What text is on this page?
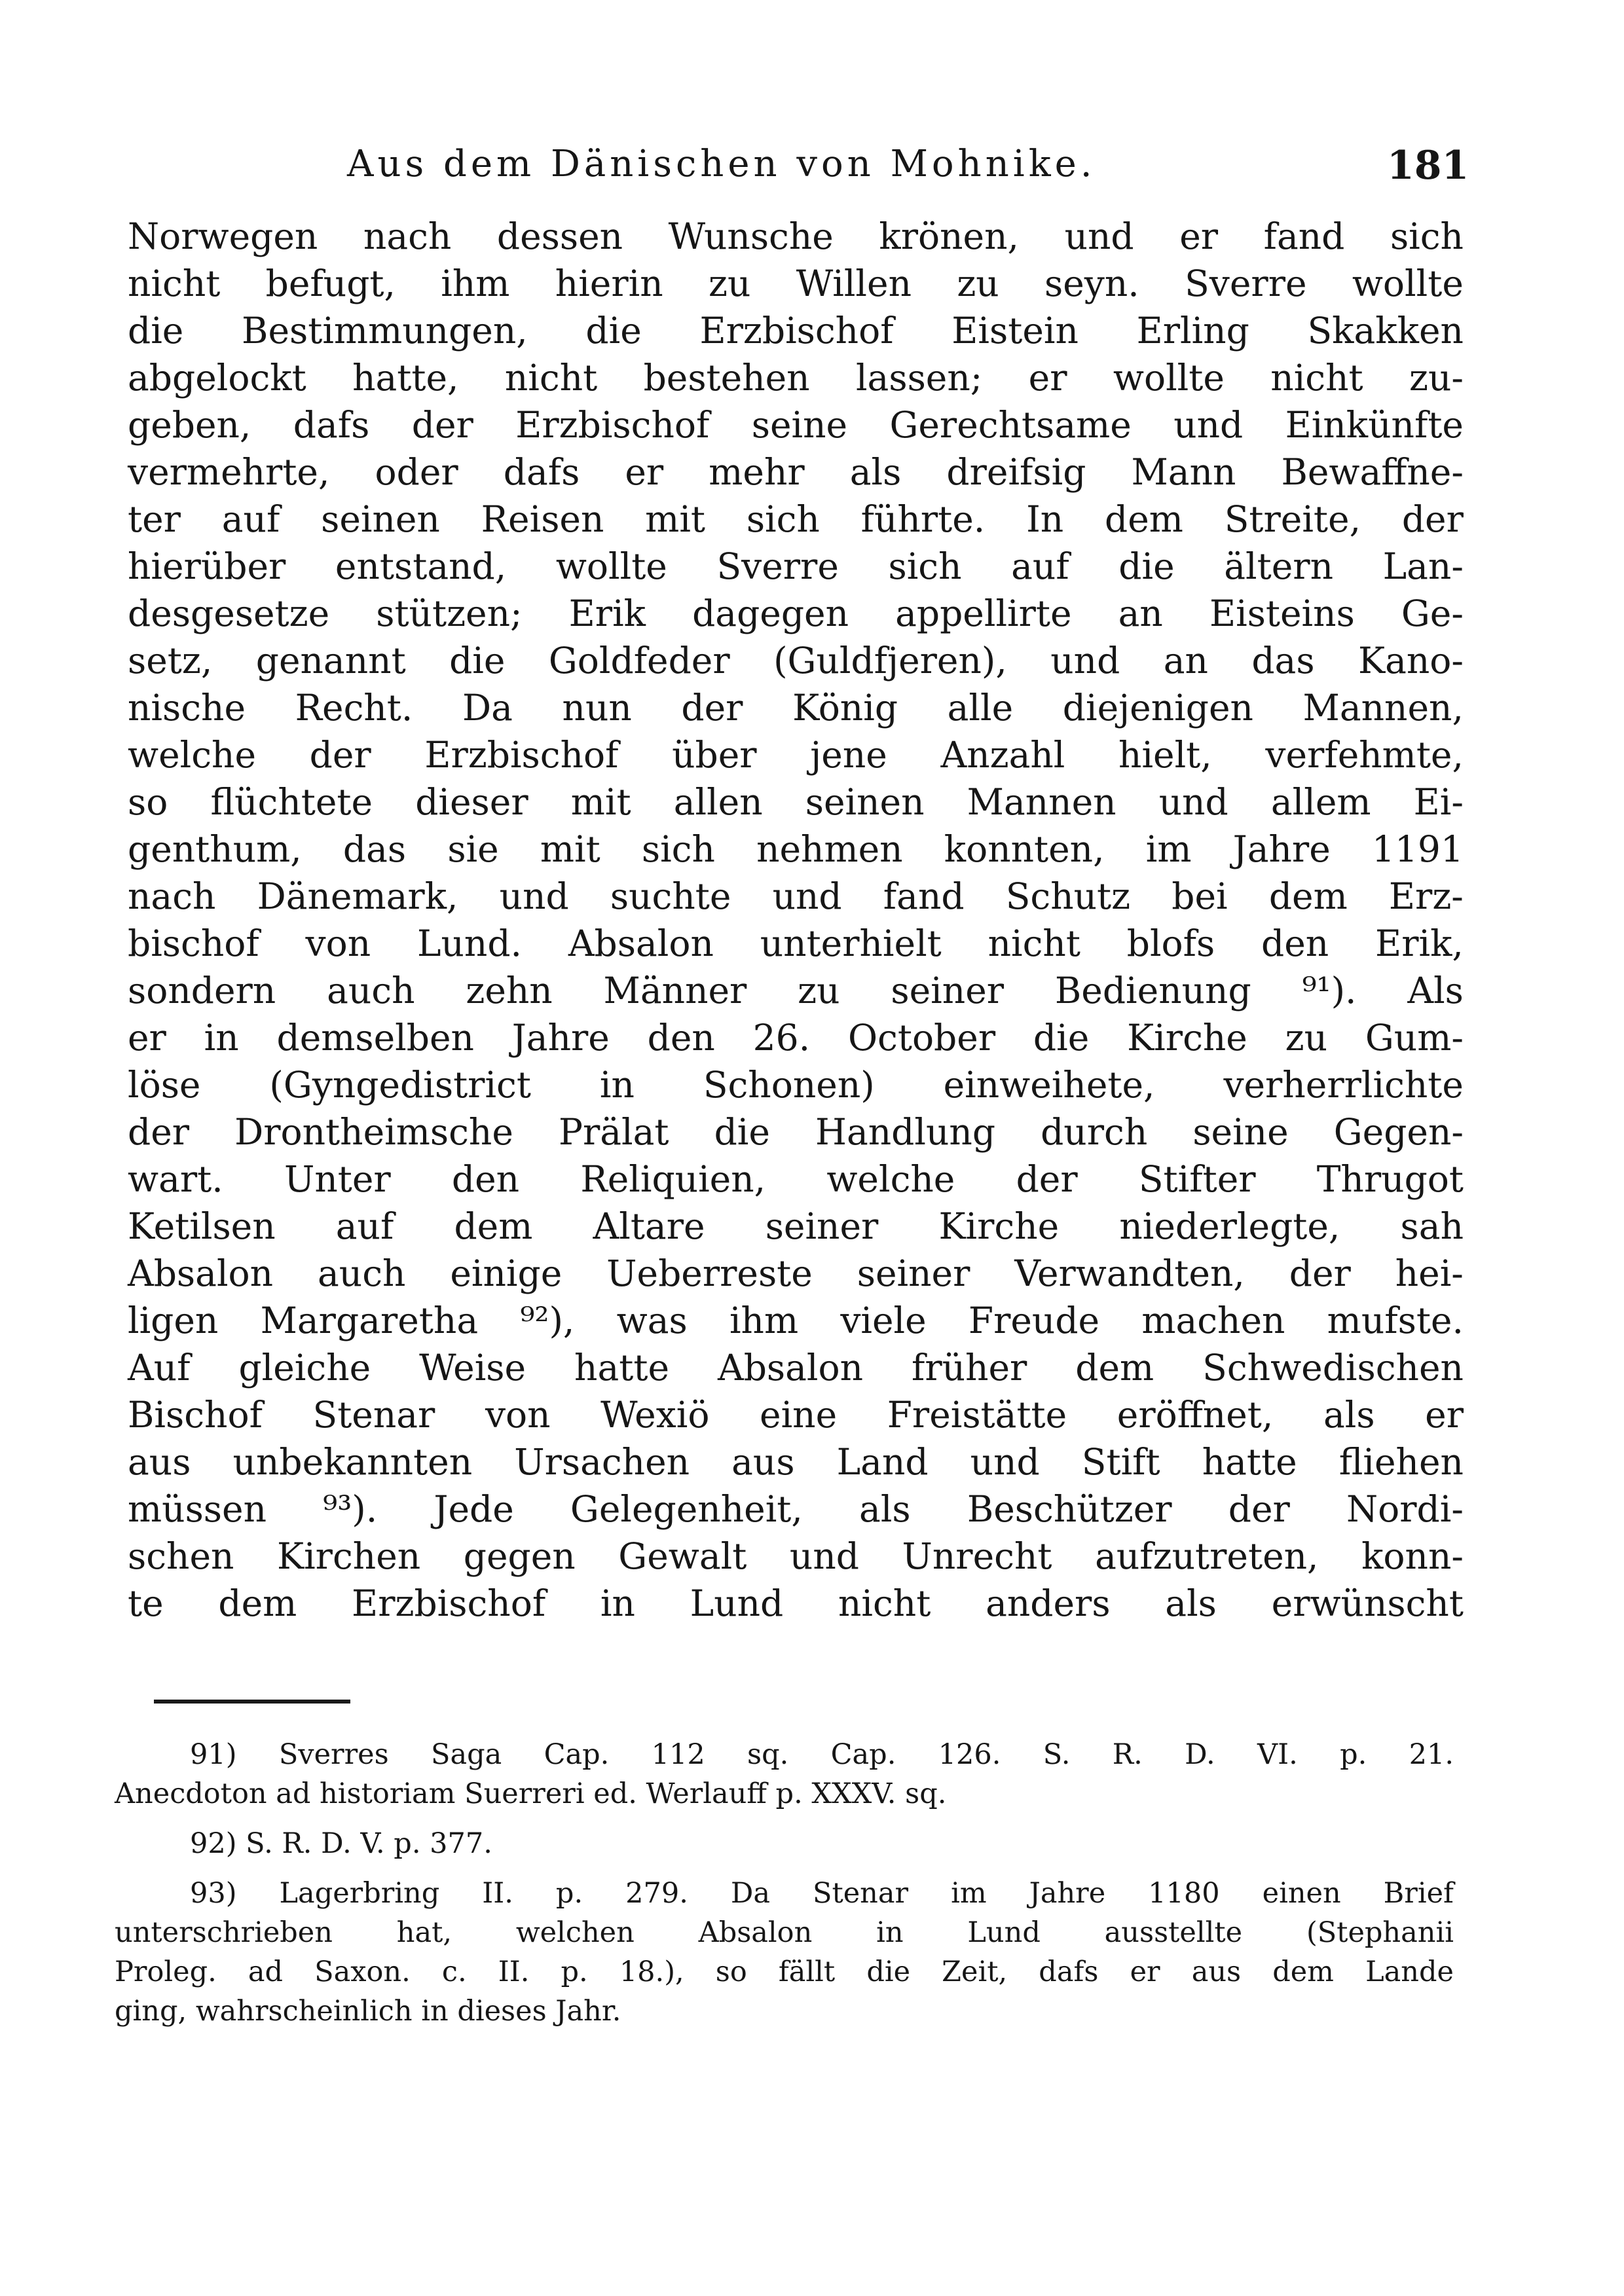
Aus dem Dänischen von Mohnike.	181
Norwegen nach dessen Wunsche krönen, und er fand sich
nicht befugt, ihm hierin zu Willen zu seyn. Sverre wollte
die Bestimmungen, die Erzbischof Eistein Erling Skakken
abgelockt hatte, nicht bestehen lassen; er wollte nicht zu-
geben, dafs der Erzbischof seine Gerechtsame und Einkünfte
vermehrte, oder dafs er mehr als dreifsig Mann Bewaffne-
ter auf seinen Reisen mit sich führte. In dem Streite, der
hierüber entstand, wollte Sverre sich auf die ältern Lan-
desgesetze stützen; Erik dagegen appellirte an Eisteins Ge-
setz, genannt die Goldfeder (Guldfjeren), und an das Kano-
nische Recht. Da nun der König alle diejenigen Mannen,
welche der Erzbischof über jene Anzahl hielt, verfehmte,
so flüchtete dieser mit allen seinen Mannen und allem Ei-
genthum, das sie mit sich nehmen konnten, im Jahre 1191
nach Dänemark, und suchte und fand Schutz bei dem Erz-
bischof von Lund. Absalon unterhielt nicht blofs den Erik,
sondern auch zehn Männer zu seiner Bedienung ⁹¹). Als
er in demselben Jahre den 26. October die Kirche zu Gum-
löse (Gyngedistrict in Schonen) einweihete, verherrlichte
der Drontheimsche Prälat die Handlung durch seine Gegen-
wart. Unter den Reliquien, welche der Stifter Thrugot
Ketilsen auf dem Altare seiner Kirche niederlegte, sah
Absalon auch einige Ueberreste seiner Verwandten, der hei-
ligen Margaretha ⁹²), was ihm viele Freude machen mufste.
Auf gleiche Weise hatte Absalon früher dem Schwedischen
Bischof Stenar von Wexiö eine Freistätte eröffnet, als er
aus unbekannten Ursachen aus Land und Stift hatte fliehen
müssen ⁹³). Jede Gelegenheit, als Beschützer der Nordi-
schen Kirchen gegen Gewalt und Unrecht aufzutreten, konn-
te dem Erzbischof in Lund nicht anders als erwünscht
91) Sverres Saga Cap. 112 sq. Cap. 126. S. R. D. VI. p. 21.
Anecdoton ad historiam Suerreri ed. Werlauff p. XXXV. sq.
92) S. R. D. V. p. 377.
93) Lagerbring II. p. 279. Da Stenar im Jahre 1180 einen Brief
unterschrieben hat, welchen Absalon in Lund ausstellte (Stephanii
Proleg. ad Saxon. c. II. p. 18.), so fällt die Zeit, dafs er aus dem Lande
ging, wahrscheinlich in dieses Jahr.
